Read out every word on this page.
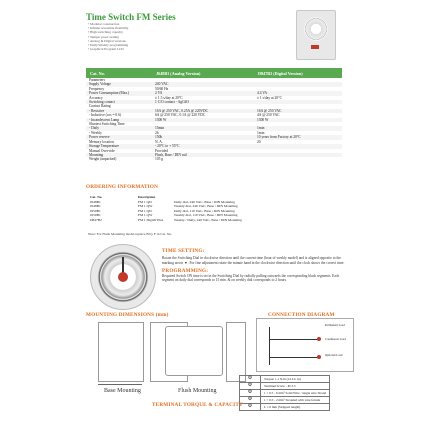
Time Switch FM Series
• Modular construction
• Infinite reversible flexibility
• High switching capacity
• Tamper proof sealing
• Analog & Digital versions
• Daily/Weekly programming
• Graphical Program LCD
Cat. No.	J648B1 (Analog Version)	D847B2 (Digital Version)
Parameters		
Supply Voltage	240 VAC	
Frequency	50/60 Hz	
Power Consumption (Max.)	2 VA	4.4 VA
Accuracy	± 1.5 s/day at 20°C	± 1 s/day at 20°C
Switching contact	1 C/O contact - AgCdO	
Contact Rating		
- Resistive	16A @ 250 VAC, 0.25A @ 220VDC	16A @ 250 VAC
- Inductive (cos = 0.6)	6A @ 250 VAC, 0.1A @ 220 VDC	4A @ 250 VAC
- Incandescent Lamp	1300 W	1300 W
Shortest Switching Time		
- Daily	15min	1min
- Weekly	2h	1min
Power reserve	150h	10 years from Factory at 20°C
Memory location	N. A.	20
Storage Temperature	- 20°C to + 55°C	
Manual Over-ride	Provided	
Mounting	Flush, Base / DIN rail	
Weight (unpacked)	105 g	
ORDERING INFORMATION
Cat. No.	Description	
J648B1	FM 1 QD	Daily dial, 240 VAC, Base / DIN Mounting
J648B1	FM 1 QW	Weekly dial, 240 VAC, Base / DIN Mounting
J650B1	FM 1 QD	Daily dial, 110 VAC, Base / DIN Mounting
J650B1	FM 1 QW	Weekly dial, 110 VAC, Base / DIN Mounting
D847B2	FM 1 Digi20 Plus	Weekly / Daily, 240 VAC, Base / DIN Mounting
Note: For Flush Mounting model replace B by F in Cat. No.
TIME SETTING:
Rotate the Switching Dial in clockwise direction until the current time (hour of weekly model) and is aligned opposite to the marking arrow ▼. For fine adjustment rotate the minute hand in the clockwise direction until the clock shows the correct time.
PROGRAMMING:
Required Switch ON time is set in the Switching Dial by radially pulling outwards the corresponding black segments. Each segment on daily dial corresponds to 15 min. & on weekly dial corresponds to 2 hours.
MOUNTING DIMENSIONS (mm)
Base Mounting	Flush Mounting
CONNECTION DIAGRAM
Permanent Load
Continuous Load
Optional Load
⚙	Torque: 1.1 N.m (14 Lb. in)
⚙	Terminal Screw - M 3.5
⚙	1 × 0.5 - 6 mm² Solid Wire / single wire Strand
⚙	1 × 0.5 - 2 mm² Stranded with wire ferrule
⚙	L = 6 mm (Stripped length)
TERMINAL TORQUE & CAPACITY
